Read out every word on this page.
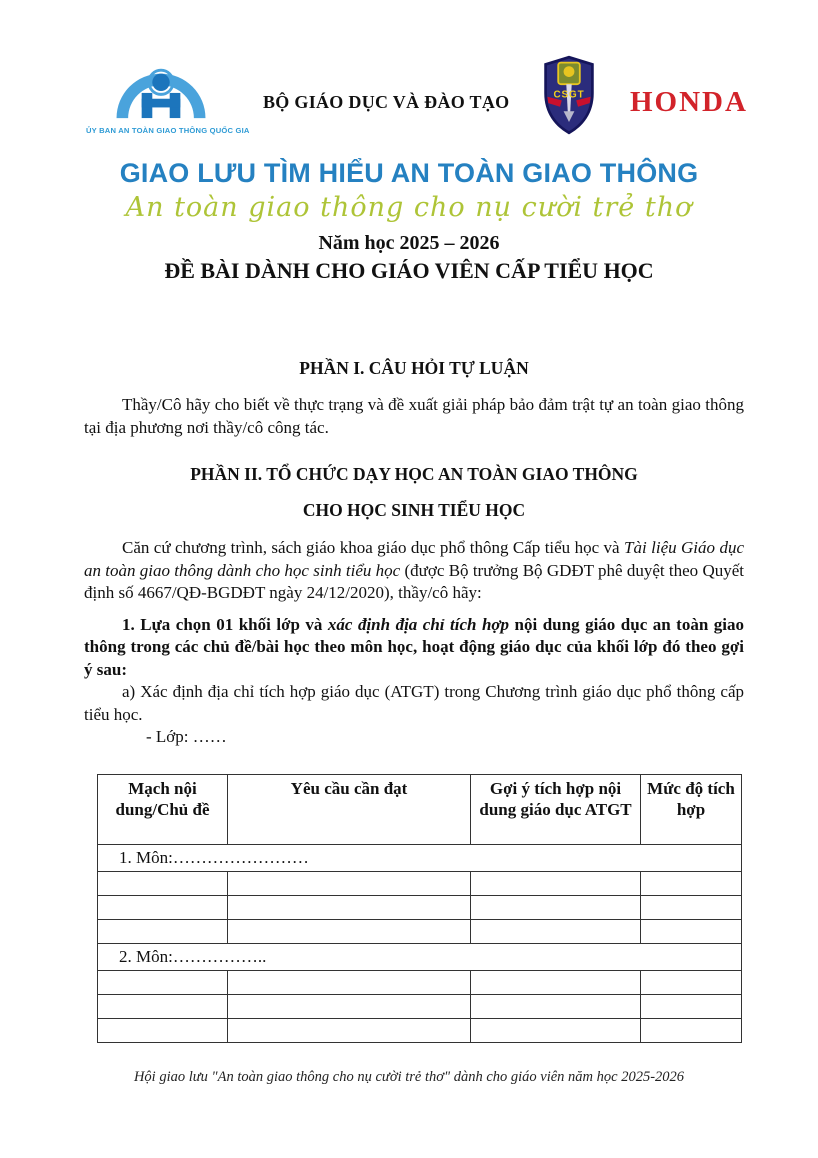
ỦY BAN AN TOÀN GIAO THÔNG QUỐC GIA
BỘ GIÁO DỤC VÀ ĐÀO TẠO	CSGT HONDA
GIAO LƯU TÌM HIỂU AN TOÀN GIAO THÔNG
An toàn giao thông cho nụ cười trẻ thơ
Năm học 2025 – 2026
ĐỀ BÀI DÀNH CHO GIÁO VIÊN CẤP TIỂU HỌC
PHẦN I. CÂU HỎI TỰ LUẬN

Thầy/Cô hãy cho biết về thực trạng và đề xuất giải pháp bảo đảm trật tự an toàn giao thông tại địa phương nơi thầy/cô công tác.

PHẦN II. TỔ CHỨC DẠY HỌC AN TOÀN GIAO THÔNG
CHO HỌC SINH TIỂU HỌC

Căn cứ chương trình, sách giáo khoa giáo dục phổ thông Cấp tiểu học và Tài liệu Giáo dục an toàn giao thông dành cho học sinh tiểu học (được Bộ trưởng Bộ GDĐT phê duyệt theo Quyết định số 4667/QĐ-BGDĐT ngày 24/12/2020), thầy/cô hãy:

1. Lựa chọn 01 khối lớp và xác định địa chỉ tích hợp nội dung giáo dục an toàn giao thông trong các chủ đề/bài học theo môn học, hoạt động giáo dục của khối lớp đó theo gợi ý sau:

a) Xác định địa chỉ tích hợp giáo dục (ATGT) trong Chương trình giáo dục phổ thông cấp tiểu học.

- Lớp: ……

Mạch nội dung/Chủ đề	Yêu cầu cần đạt	Gợi ý tích hợp nội dung giáo dục ATGT	Mức độ tích hợp
1. Môn:……………………			

2. Môn:……………..			

Hội giao lưu "An toàn giao thông cho nụ cười trẻ thơ" dành cho giáo viên năm học 2025-2026
